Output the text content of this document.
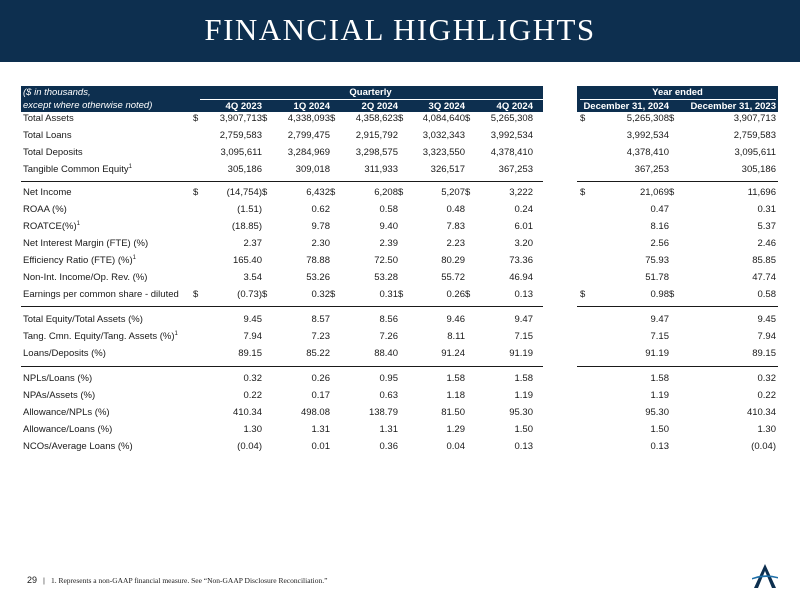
FINANCIAL HIGHLIGHTS
($ in thousands,
except where otherwise noted)
Quarterly	Year ended
4Q 2023	1Q 2024	2Q 2024	3Q 2024	4Q 2024	December 31, 2024	December 31, 2023
Total Assets	$	3,907,713 $	4,338,093 $	4,358,623 $	4,084,640 $	5,265,308	$	5,265,308 $	3,907,713
Total Loans	2,759,583	2,799,475	2,915,792	3,032,343	3,992,534	3,992,534	2,759,583
Total Deposits	3,095,611	3,284,969	3,298,575	3,323,550	4,378,410	4,378,410	3,095,611
Tangible Common Equity$^1$	305,186	309,018	311,933	326,517	367,253	367,253	305,186
Net Income	$	(14,754) $	6,432 $	6,208 $	5,207 $	3,222	$	21,069 $	11,696
ROAA (%)	(1.51)	0.62	0.58	0.48	0.24	0.47	0.31
ROATCE(%)$^1$	(18.85)	9.78	9.40	7.83	6.01	8.16	5.37
Net Interest Margin (FTE) (%)	2.37	2.30	2.39	2.23	3.20	2.56	2.46
Efficiency Ratio (FTE) (%)$^1$	165.40	78.88	72.50	80.29	73.36	75.93	85.85
Non-Int. Income/Op. Rev. (%)	3.54	53.26	53.28	55.72	46.94	51.78	47.74
Earnings per common share - diluted $	(0.73) $	0.32 $	0.31 $	0.26 $	0.13	$	0.98 $	0.58
Total Equity/Total Assets (%)	9.45	8.57	8.56	9.46	9.47	9.47	9.45
Tang. Cmn. Equity/Tang. Assets (%)$^1$	7.94	7.23	7.26	8.11	7.15	7.15	7.94
Loans/Deposits (%)	89.15	85.22	88.40	91.24	91.19	91.19	89.15
NPLs/Loans (%)	0.32	0.26	0.95	1.58	1.58	1.58	0.32
NPAs/Assets (%)	0.22	0.17	0.63	1.18	1.19	1.19	0.22
Allowance/NPLs (%)	410.34	498.08	138.79	81.50	95.30	95.30	410.34
Allowance/Loans (%)	1.30	1.31	1.31	1.29	1.50	1.50	1.30
NCOs/Average Loans (%)	(0.04)	0.01	0.36	0.04	0.13	0.13	(0.04)
29 | 1. Represents a non-GAAP financial measure. See “Non-GAAP Disclosure Reconciliation.”
